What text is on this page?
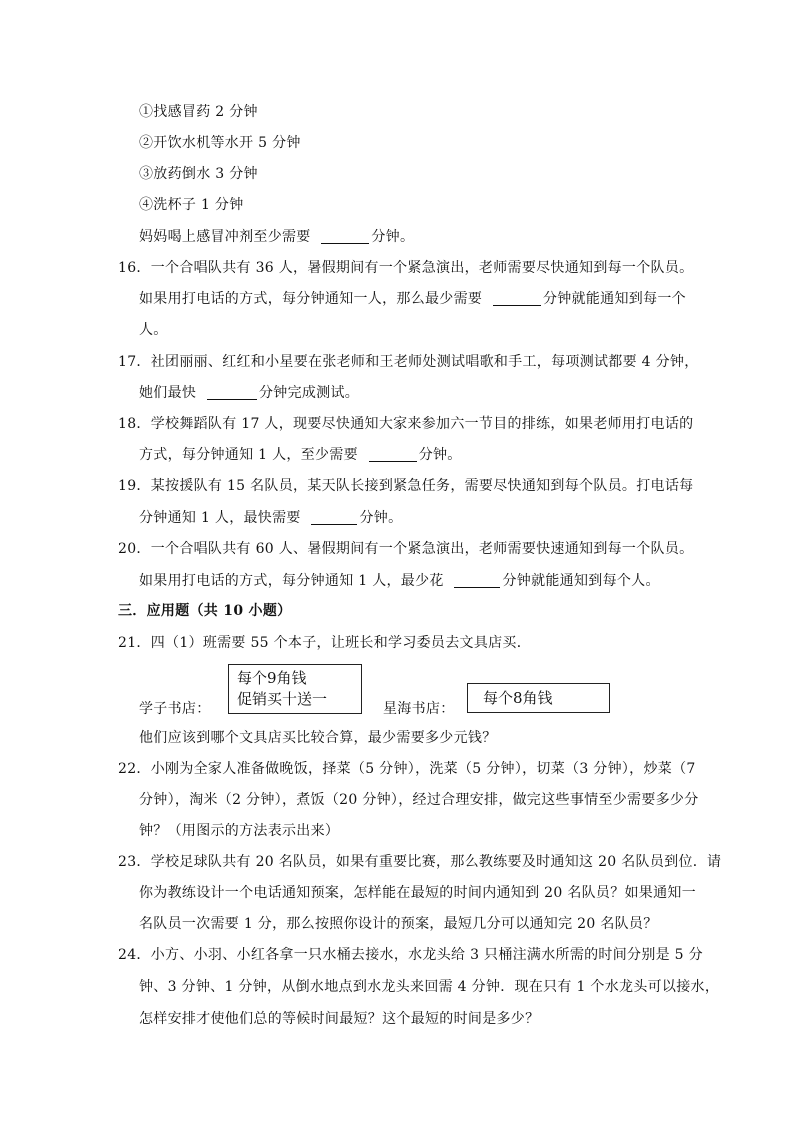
①找感冒药 2 分钟
②开饮水机等水开 5 分钟
③放药倒水 3 分钟
④洗杯子 1 分钟
妈妈喝上感冒冲剂至少需要	分钟。
16．一个合唱队共有 36 人，暑假期间有一个紧急演出，老师需要尽快通知到每一个队员。
如果用打电话的方式，每分钟通知一人，那么最少需要	分钟就能通知到每一个
人。
17．社团丽丽、红红和小星要在张老师和王老师处测试唱歌和手工，每项测试都要 4 分钟，
她们最快	分钟完成测试。
18．学校舞蹈队有 17 人，现要尽快通知大家来参加六一节目的排练，如果老师用打电话的
方式，每分钟通知 1 人，至少需要	分钟。
19．某按援队有 15 名队员，某天队长接到紧急任务，需要尽快通知到每个队员。打电话每
分钟通知 1 人，最快需要	分钟。
20．一个合唱队共有 60 人、暑假期间有一个紧急演出，老师需要快速通知到每一个队员。
如果用打电话的方式，每分钟通知 1 人，最少花	分钟就能通知到每个人。
三．应用题（共 10 小题）
21．四（1）班需要 55 个本子，让班长和学习委员去文具店买．
学子书店：
每个9角钱
促销买十送一
星海书店：
每个8角钱
他们应该到哪个文具店买比较合算，最少需要多少元钱？
22．小刚为全家人准备做晚饭，择菜（5 分钟），洗菜（5 分钟），切菜（3 分钟），炒菜（7
分钟），淘米（2 分钟），煮饭（20 分钟），经过合理安排，做完这些事情至少需要多少分
钟？（用图示的方法表示出来）
23．学校足球队共有 20 名队员，如果有重要比赛，那么教练要及时通知这 20 名队员到位．请
你为教练设计一个电话通知预案，怎样能在最短的时间内通知到 20 名队员？如果通知一
名队员一次需要 1 分，那么按照你设计的预案，最短几分可以通知完 20 名队员？
24．小方、小羽、小红各拿一只水桶去接水，水龙头给 3 只桶注满水所需的时间分别是 5 分
钟、3 分钟、1 分钟，从倒水地点到水龙头来回需 4 分钟．现在只有 1 个水龙头可以接水，
怎样安排才使他们总的等候时间最短？这个最短的时间是多少？
